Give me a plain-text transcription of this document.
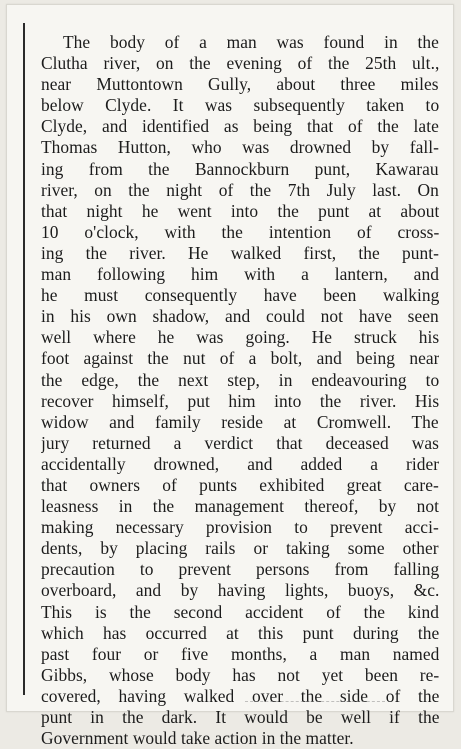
The body of a man was found in the
Clutha river, on the evening of the 25th ult.,
near Muttontown Gully, about three miles
below Clyde. It was subsequently taken to
Clyde, and identified as being that of the late
Thomas Hutton, who was drowned by fall-
ing from the Bannockburn punt, Kawarau
river, on the night of the 7th July last. On
that night he went into the punt at about
10 o'clock, with the intention of cross-
ing the river. He walked first, the punt-
man following him with a lantern, and
he must consequently have been walking
in his own shadow, and could not have seen
well where he was going. He struck his
foot against the nut of a bolt, and being near
the edge, the next step, in endeavouring to
recover himself, put him into the river. His
widow and family reside at Cromwell. The
jury returned a verdict that deceased was
accidentally drowned, and added a rider
that owners of punts exhibited great care-
leasness in the management thereof, by not
making necessary provision to prevent acci-
dents, by placing rails or taking some other
precaution to prevent persons from falling
overboard, and by having lights, buoys, &c.
This is the second accident of the kind
which has occurred at this punt during the
past four or five months, a man named
Gibbs, whose body has not yet been re-
covered, having walked over the side of the
punt in the dark. It would be well if the
Government would take action in the matter.
